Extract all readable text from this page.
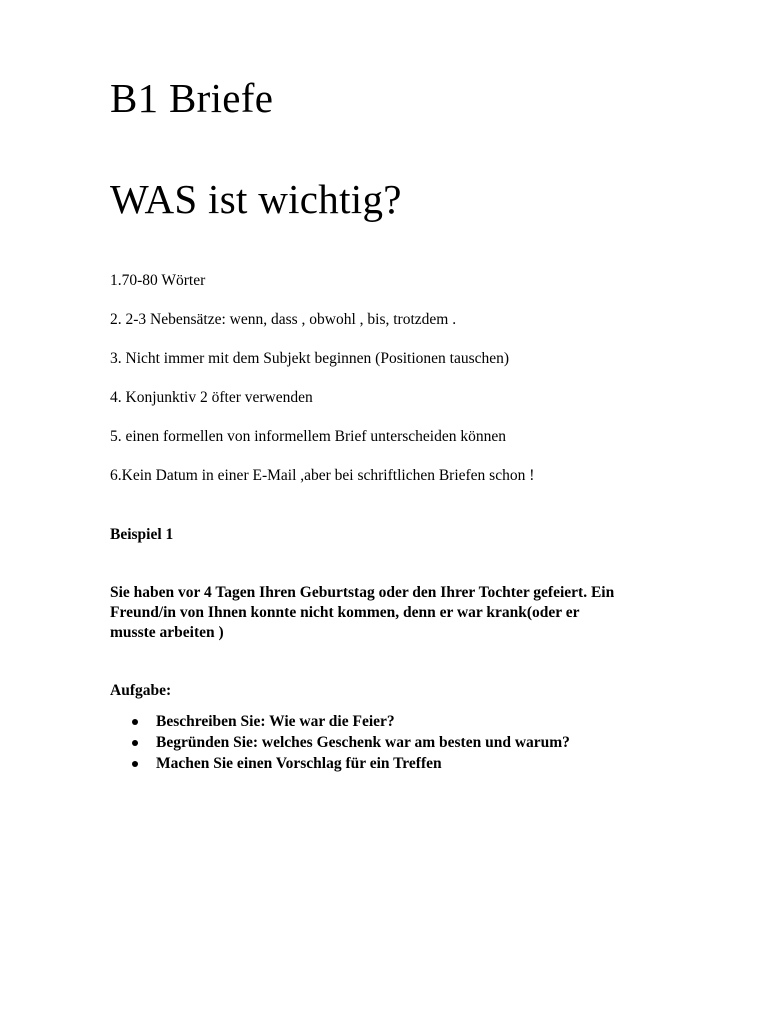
B1 Briefe
WAS ist wichtig?
1.70-80 Wörter
2. 2-3 Nebensätze: wenn, dass , obwohl , bis, trotzdem .
3. Nicht immer mit dem Subjekt beginnen (Positionen tauschen)
4. Konjunktiv 2 öfter verwenden
5. einen formellen von informellem Brief unterscheiden können
6.Kein Datum in einer E-Mail ,aber bei schriftlichen Briefen schon !
Beispiel 1
Sie haben vor 4 Tagen Ihren Geburtstag oder den Ihrer Tochter gefeiert. Ein
Freund/in von Ihnen konnte nicht kommen, denn er war krank(oder er
musste arbeiten )
Aufgabe:
Beschreiben Sie: Wie war die Feier?
Begründen Sie: welches Geschenk war am besten und warum?
Machen Sie einen Vorschlag für ein Treffen
